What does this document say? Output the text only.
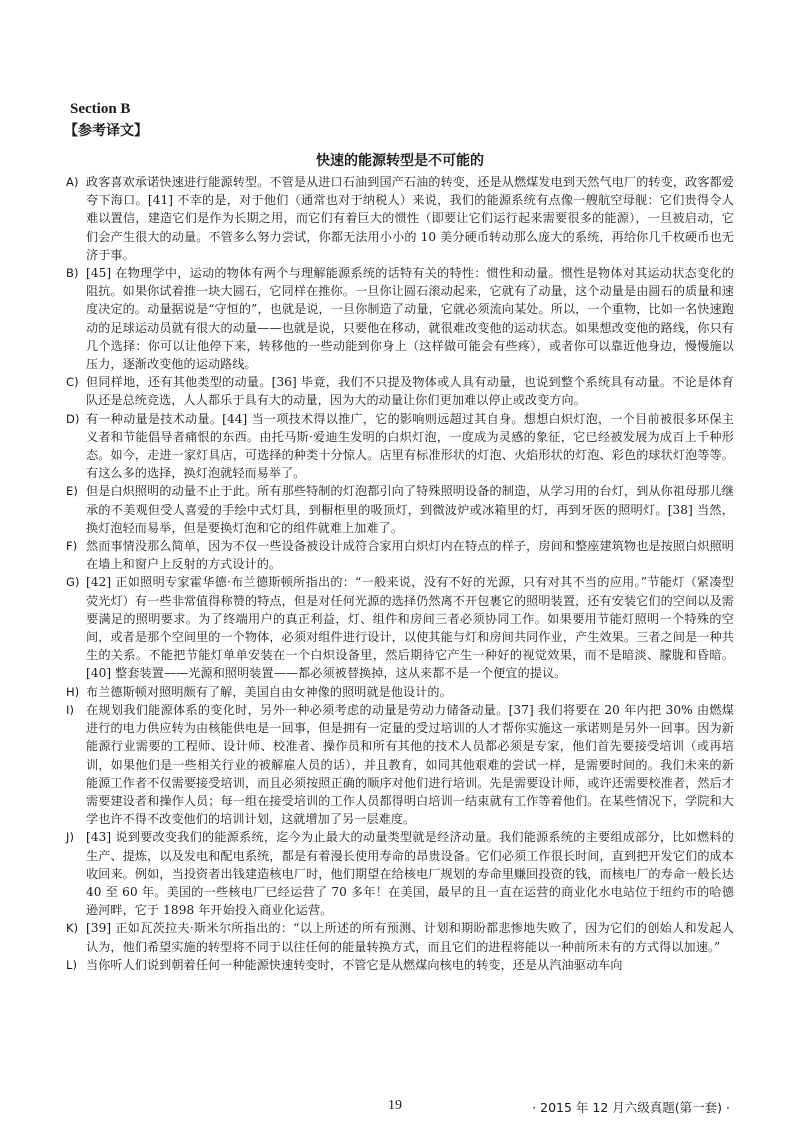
Section B
【参考译文】
快速的能源转型是不可能的
A) 政客喜欢承诺快速进行能源转型。不管是从进口石油到国产石油的转变，还是从燃煤发电到天然气电厂的转变，政客都爱夸下海口。[41] 不幸的是，对于他们（通常也对于纳税人）来说，我们的能源系统有点像一艘航空母舰：它们贵得令人难以置信，建造它们是作为长期之用，而它们有着巨大的惯性（即要让它们运行起来需要很多的能源），一旦被启动，它们会产生很大的动量。不管多么努力尝试，你都无法用小小的 10 美分硬币转动那么庞大的系统，再给你几千枚硬币也无济于事。
B) [45] 在物理学中，运动的物体有两个与理解能源系统的话特有关的特性：惯性和动量。惯性是物体对其运动状态变化的阻抗。如果你试着推一块大圆石，它同样在推你。一旦你让圆石滚动起来，它就有了动量，这个动量是由圆石的质量和速度决定的。动量据说是“守恒的”，也就是说，一旦你制造了动量，它就必须流向某处。所以，一个重物，比如一名快速跑动的足球运动员就有很大的动量——也就是说，只要他在移动，就很难改变他的运动状态。如果想改变他的路线，你只有几个选择：你可以让他停下来，转移他的一些动能到你身上（这样做可能会有些疼），或者你可以靠近他身边，慢慢施以压力，逐渐改变他的运动路线。
C) 但同样地，还有其他类型的动量。[36] 毕竟，我们不只提及物体或人具有动量，也说到整个系统具有动量。不论是体育队还是总统竞选，人人都乐于具有大的动量，因为大的动量让你们更加难以停止或改变方向。
D) 有一种动量是技术动量。[44] 当一项技术得以推广，它的影响则远超过其自身。想想白炽灯泡，一个目前被很多环保主义者和节能倡导者痛恨的东西。由托马斯·爱迪生发明的白炽灯泡，一度成为灵感的象征，它已经被发展为成百上千种形态。如今，走进一家灯具店，可选择的种类十分惊人。店里有标准形状的灯泡、火焰形状的灯泡、彩色的球状灯泡等等。有这么多的选择，换灯泡就轻而易举了。
E) 但是白炽照明的动量不止于此。所有那些特制的灯泡都引向了特殊照明设备的制造，从学习用的台灯，到从你祖母那儿继承的不美观但受人喜爱的手绘中式灯具，到橱柜里的吸顶灯，到微波炉或冰箱里的灯，再到牙医的照明灯。[38] 当然，换灯泡轻而易举，但是要换灯泡和它的组件就难上加难了。
F) 然而事情没那么简单，因为不仅一些设备被设计成符合家用白炽灯内在特点的样子，房间和整座建筑物也是按照白炽照明在墙上和窗户上反射的方式设计的。
G) [42] 正如照明专家霍华德·布兰德斯顿所指出的：“一般来说，没有不好的光源，只有对其不当的应用。”节能灯（紧凑型荧光灯）有一些非常值得称赞的特点，但是对任何光源的选择仍然离不开包裹它的照明装置，还有安装它们的空间以及需要满足的照明要求。为了终端用户的真正利益，灯、组件和房间三者必须协同工作。如果要用节能灯照明一个特殊的空间，或者是那个空间里的一个物体，必须对组件进行设计，以使其能与灯和房间共同作业，产生效果。三者之间是一种共生的关系。不能把节能灯单单安装在一个白炽设备里，然后期待它产生一种好的视觉效果，而不是暗淡、朦胧和昏暗。[40] 整套装置——光源和照明装置——都必须被替换掉，这从来都不是一个便宜的提议。
H) 布兰德斯顿对照明颇有了解，美国自由女神像的照明就是他设计的。
I) 在规划我们能源体系的变化时，另外一种必须考虑的动量是劳动力储备动量。[37] 我们将要在 20 年内把 30% 由燃煤进行的电力供应转为由核能供电是一回事，但是拥有一定量的受过培训的人才帮你实施这一承诺则是另外一回事。因为新能源行业需要的工程师、设计师、校准者、操作员和所有其他的技术人员都必须是专家，他们首先要接受培训（或再培训，如果他们是一些相关行业的被解雇人员的话），并且教育，如同其他艰难的尝试一样，是需要时间的。我们未来的新能源工作者不仅需要接受培训，而且必须按照正确的顺序对他们进行培训。先是需要设计师，或许还需要校准者，然后才需要建设者和操作人员；每一组在接受培训的工作人员都得明白培训一结束就有工作等着他们。在某些情况下，学院和大学也许不得不改变他们的培训计划，这就增加了另一层难度。
J) [43] 说到要改变我们的能源系统，迄今为止最大的动量类型就是经济动量。我们能源系统的主要组成部分，比如燃料的生产、提炼，以及发电和配电系统，都是有着漫长使用寿命的昂贵设备。它们必须工作很长时间，直到把开发它们的成本收回来。例如，当投资者出钱建造核电厂时，他们期望在给核电厂规划的寿命里赚回投资的钱，而核电厂的寿命一般长达 40 至 60 年。美国的一些核电厂已经运营了 70 多年！在美国，最早的且一直在运营的商业化水电站位于纽约市的哈德逊河畔，它于 1898 年开始投入商业化运营。
K) [39] 正如瓦茨拉夫·斯米尔所指出的：“以上所述的所有预测、计划和期盼都悲惨地失败了，因为它们的创始人和发起人认为，他们希望实施的转型将不同于以往任何的能量转换方式，而且它们的进程将能以一种前所未有的方式得以加速。”
L) 当你听人们说到朝着任何一种能源快速转变时，不管它是从燃煤向核电的转变，还是从汽油驱动车向
19	· 2015 年 12 月六级真题(第一套) ·
